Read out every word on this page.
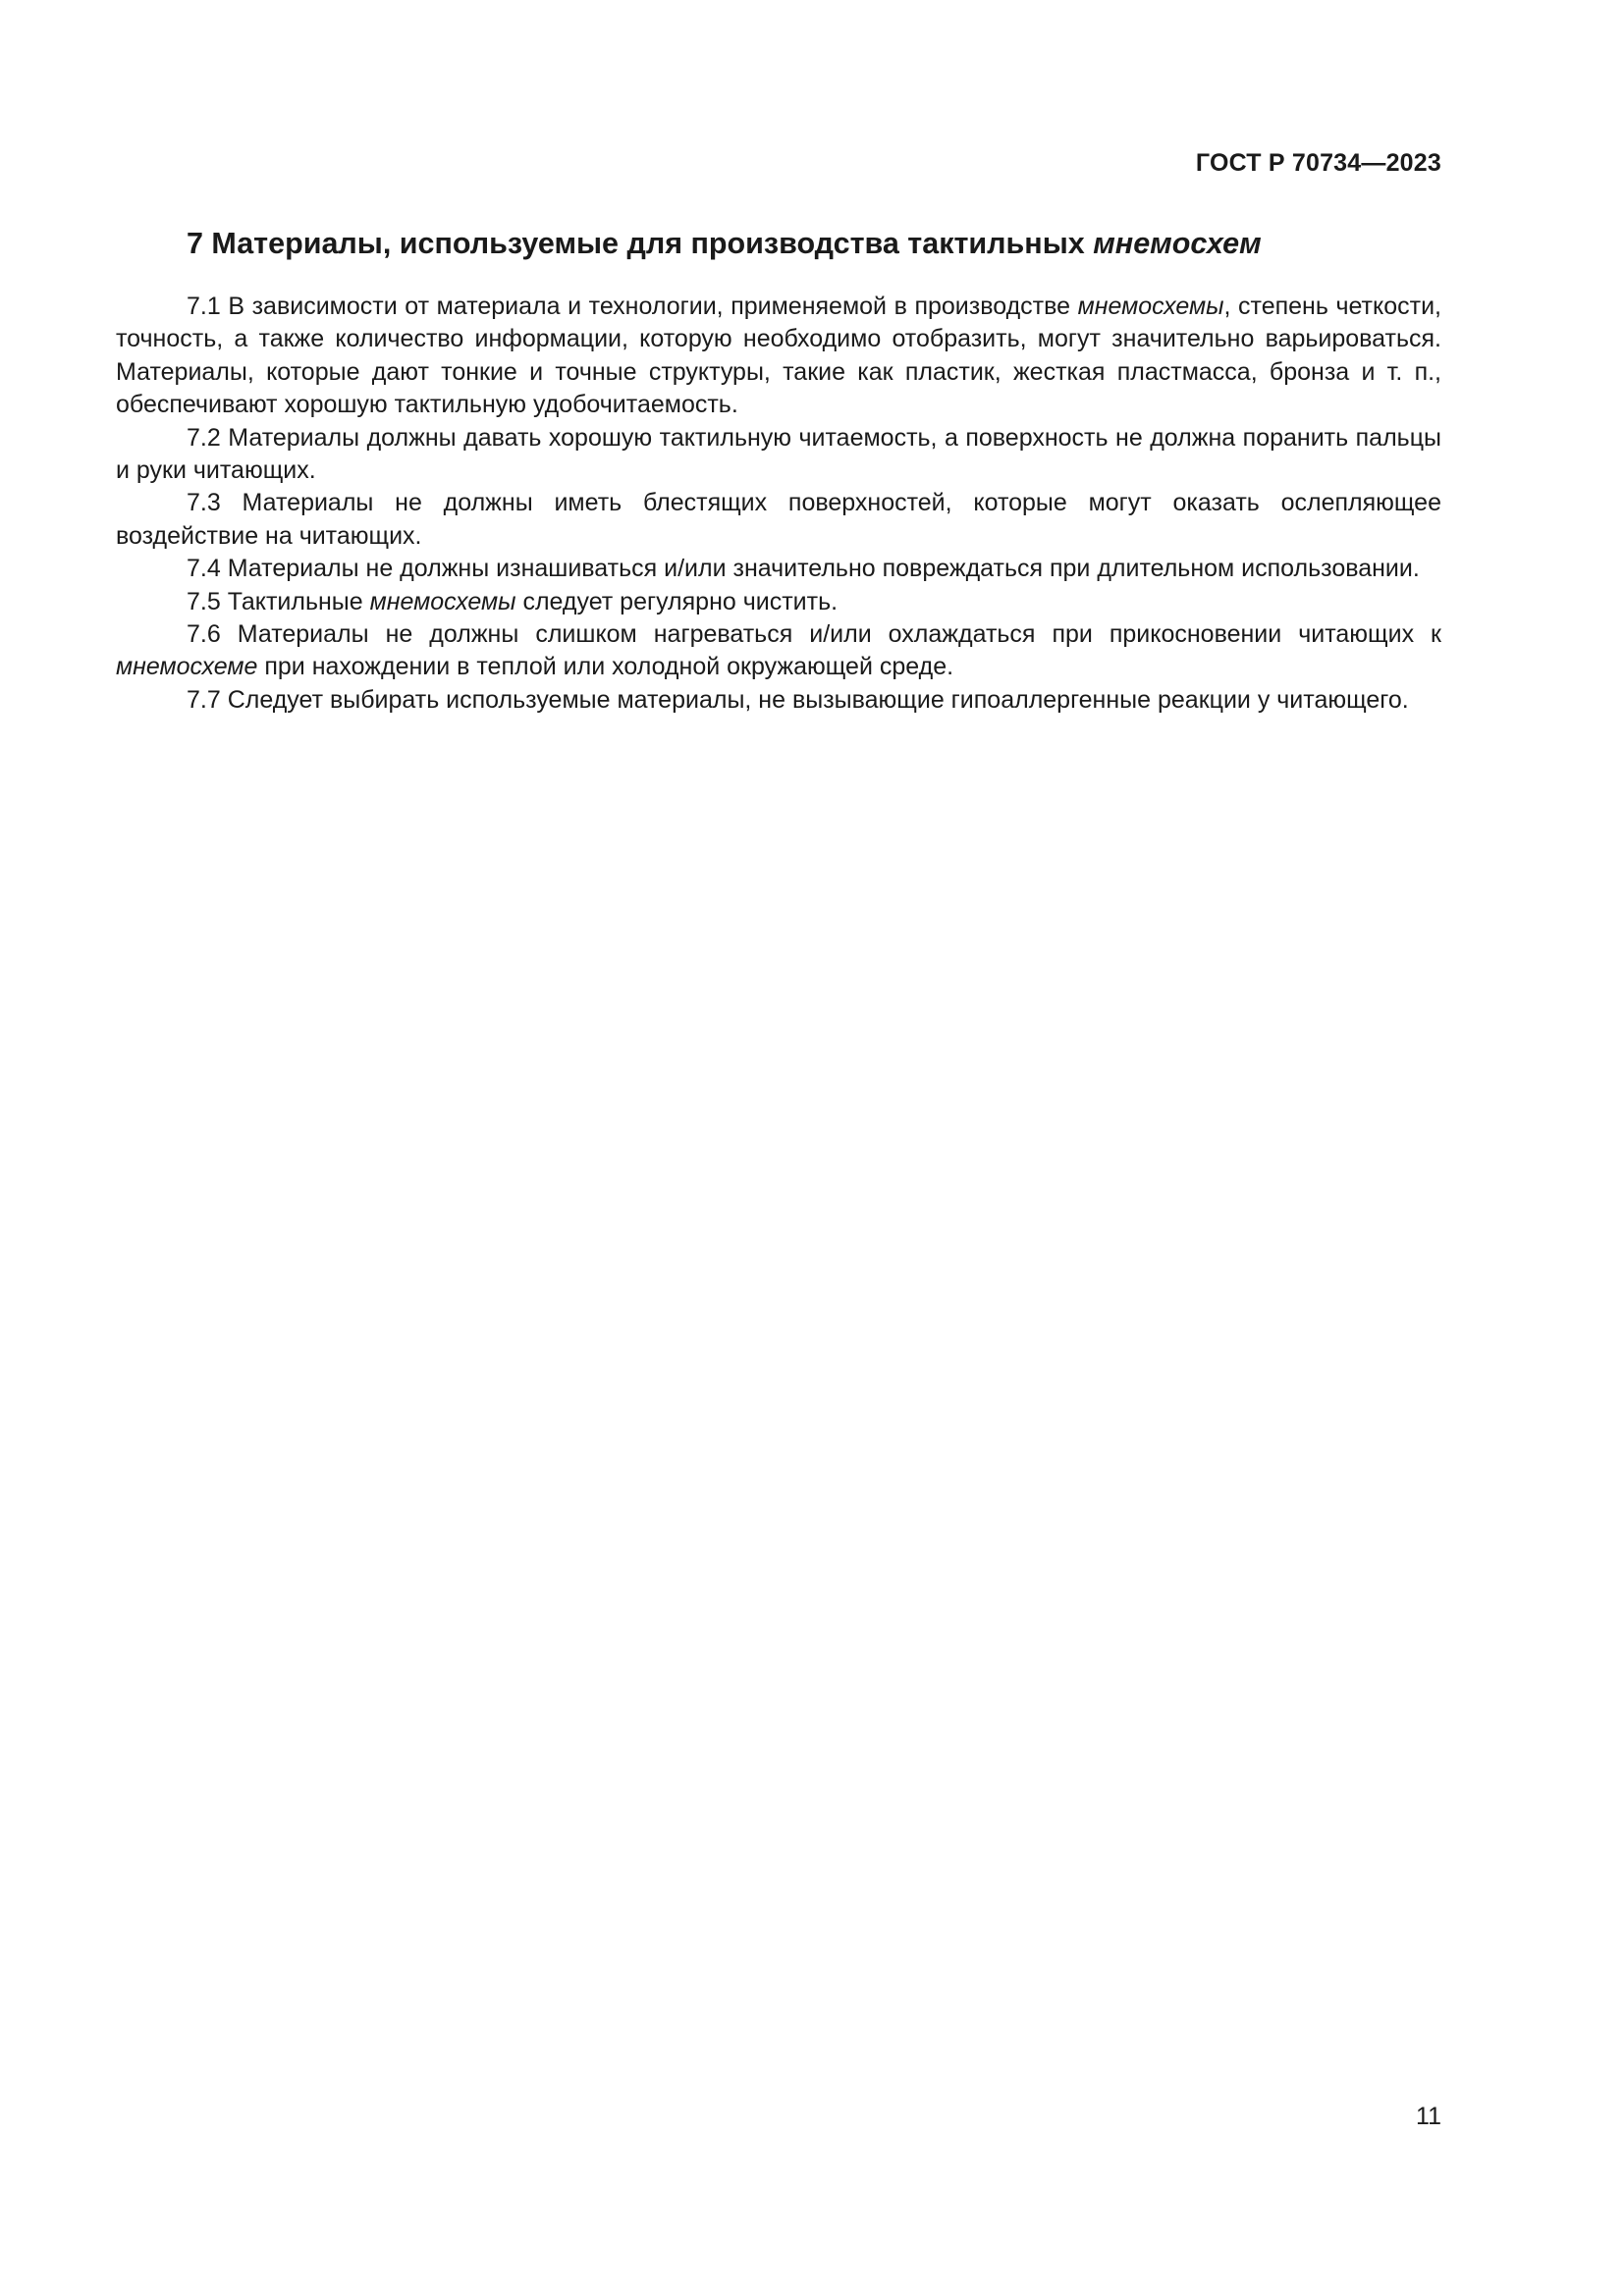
ГОСТ Р 70734—2023

7 Материалы, используемые для производства тактильных мнемосхем

7.1 В зависимости от материала и технологии, применяемой в производстве мнемосхемы, степень четкости, точность, а также количество информации, которую необходимо отобразить, могут значительно варьироваться. Материалы, которые дают тонкие и точные структуры, такие как пластик, жесткая пластмасса, бронза и т. п., обеспечивают хорошую тактильную удобочитаемость.

7.2 Материалы должны давать хорошую тактильную читаемость, а поверхность не должна поранить пальцы и руки читающих.

7.3 Материалы не должны иметь блестящих поверхностей, которые могут оказать ослепляющее воздействие на читающих.

7.4 Материалы не должны изнашиваться и/или значительно повреждаться при длительном использовании.

7.5 Тактильные мнемосхемы следует регулярно чистить.

7.6 Материалы не должны слишком нагреваться и/или охлаждаться при прикосновении читающих к мнемосхеме при нахождении в теплой или холодной окружающей среде.

7.7 Следует выбирать используемые материалы, не вызывающие гипоаллергенные реакции у читающего.

11
